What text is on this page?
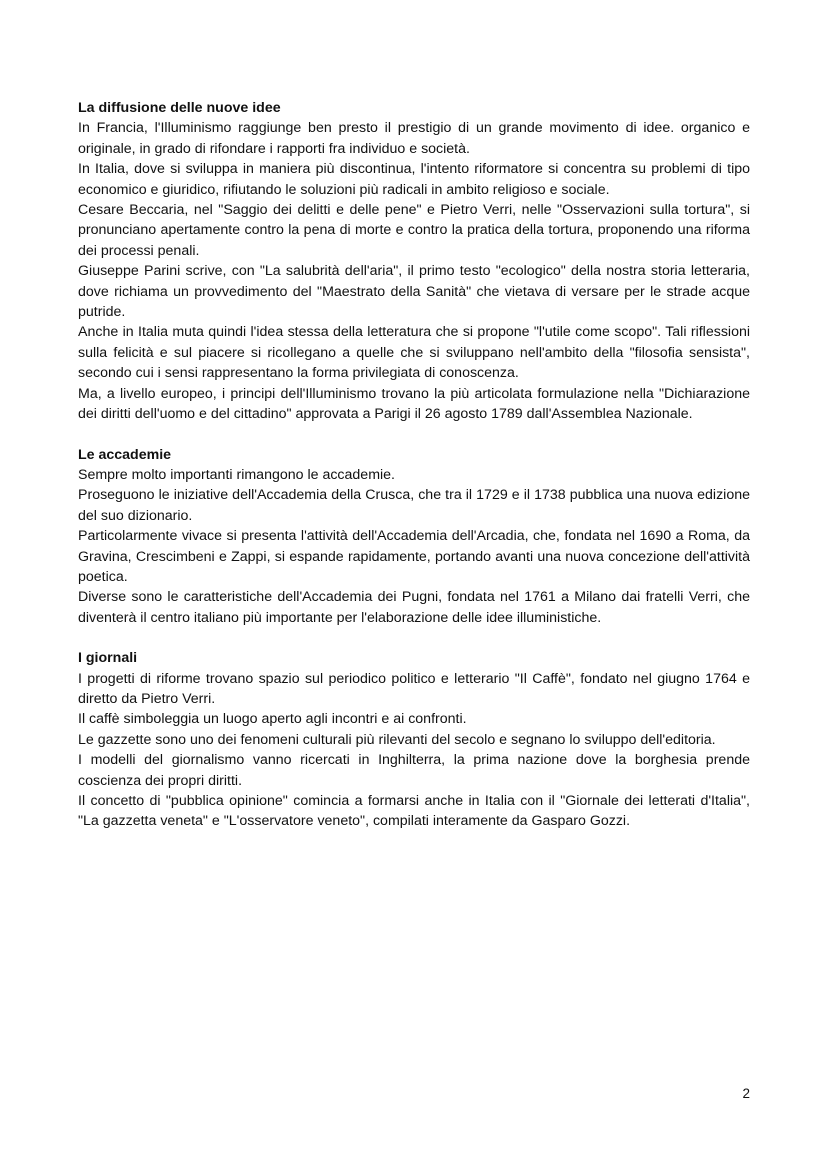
La diffusione delle nuove idee

In Francia, l'Illuminismo raggiunge ben presto il prestigio di un grande movimento di idee. organico e originale, in grado di rifondare i rapporti fra individuo e società.

In Italia, dove si sviluppa in maniera più discontinua, l'intento riformatore si concentra su problemi di tipo economico e giuridico, rifiutando le soluzioni più radicali in ambito religioso e sociale.

Cesare Beccaria, nel "Saggio dei delitti e delle pene" e Pietro Verri, nelle "Osservazioni sulla tortura", si pronunciano apertamente contro la pena di morte e contro la pratica della tortura, proponendo una riforma dei processi penali.

Giuseppe Parini scrive, con "La salubrità dell'aria", il primo testo "ecologico" della nostra storia letteraria, dove richiama un provvedimento del "Maestrato della Sanità" che vietava di versare per le strade acque putride.

Anche in Italia muta quindi l'idea stessa della letteratura che si propone "l'utile come scopo". Tali riflessioni sulla felicità e sul piacere si ricollegano a quelle che si sviluppano nell'ambito della "filosofia sensista", secondo cui i sensi rappresentano la forma privilegiata di conoscenza.

Ma, a livello europeo, i principi dell'Illuminismo trovano la più articolata formulazione nella "Dichiarazione dei diritti dell'uomo e del cittadino" approvata a Parigi il 26 agosto 1789 dall'Assemblea Nazionale.

Le accademie

Sempre molto importanti rimangono le accademie.

Proseguono le iniziative dell'Accademia della Crusca, che tra il 1729 e il 1738 pubblica una nuova edizione del suo dizionario.

Particolarmente vivace si presenta l'attività dell'Accademia dell'Arcadia, che, fondata nel 1690 a Roma, da Gravina, Crescimbeni e Zappi, si espande rapidamente, portando avanti una nuova concezione dell'attività poetica.

Diverse sono le caratteristiche dell'Accademia dei Pugni, fondata nel 1761 a Milano dai fratelli Verri, che diventerà il centro italiano più importante per l'elaborazione delle idee illuministiche.

I giornali

I progetti di riforme trovano spazio sul periodico politico e letterario "Il Caffè", fondato nel giugno 1764 e diretto da Pietro Verri.

Il caffè simboleggia un luogo aperto agli incontri e ai confronti.

Le gazzette sono uno dei fenomeni culturali più rilevanti del secolo e segnano lo sviluppo dell'editoria.

I modelli del giornalismo vanno ricercati in Inghilterra, la prima nazione dove la borghesia prende coscienza dei propri diritti.

Il concetto di "pubblica opinione" comincia a formarsi anche in Italia con il "Giornale dei letterati d'Italia", "La gazzetta veneta" e "L'osservatore veneto", compilati interamente da Gasparo Gozzi.

2
